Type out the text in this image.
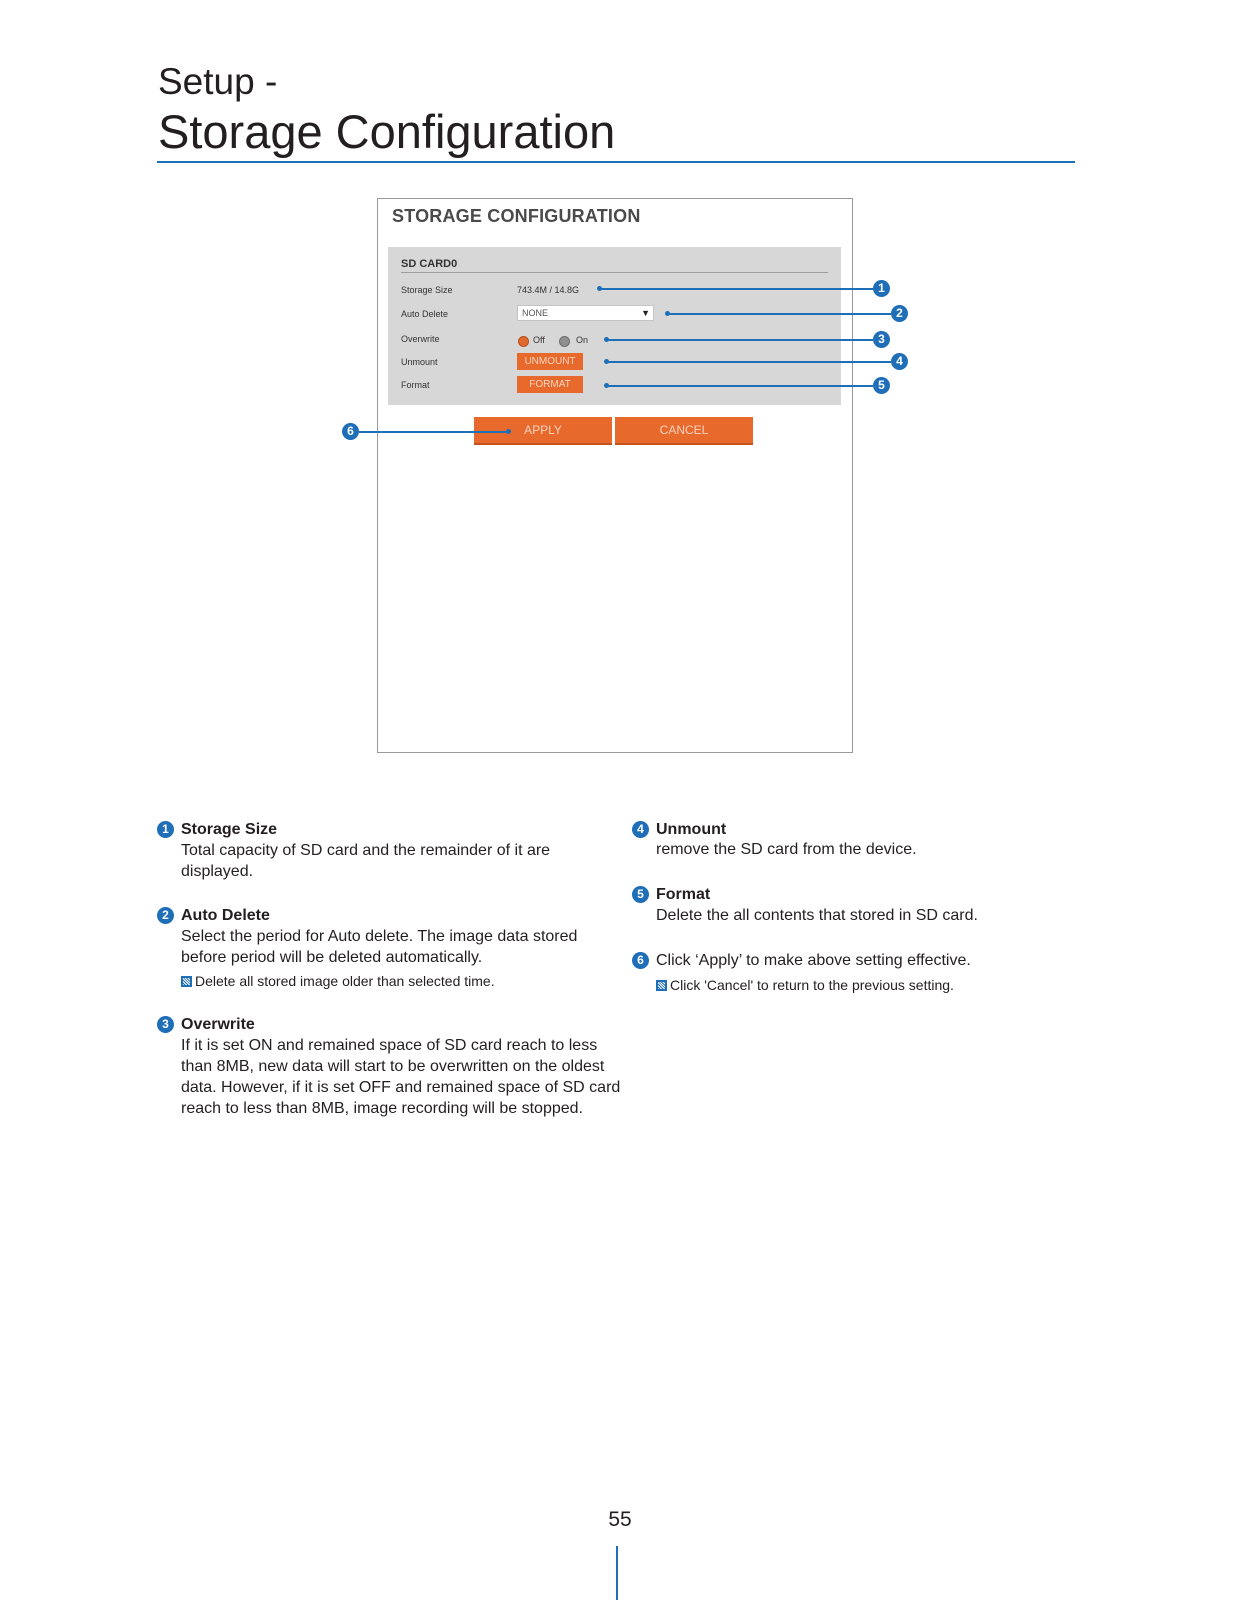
Setup -
Storage Configuration
STORAGE CONFIGURATION
SD CARD0
Storage Size	743.4M / 14.8G
Auto Delete	NONE	▼
Overwrite	Off	On
Unmount	UNMOUNT
Format	FORMAT
APPLY	CANCEL
1
2
3
4
5
6
1 Storage Size
Total capacity of SD card and the remainder of it are
displayed.
2 Auto Delete
Select the period for Auto delete. The image data stored
before period will be deleted automatically.
Delete all stored image older than selected time.
3 Overwrite
If it is set ON and remained space of SD card reach to less
than 8MB, new data will start to be overwritten on the oldest
data. However, if it is set OFF and remained space of SD card
reach to less than 8MB, image recording will be stopped.
4 Unmount
remove the SD card from the device.
5 Format
Delete the all contents that stored in SD card.
6 Click ‘Apply’ to make above setting effective.
Click 'Cancel' to return to the previous setting.
55
